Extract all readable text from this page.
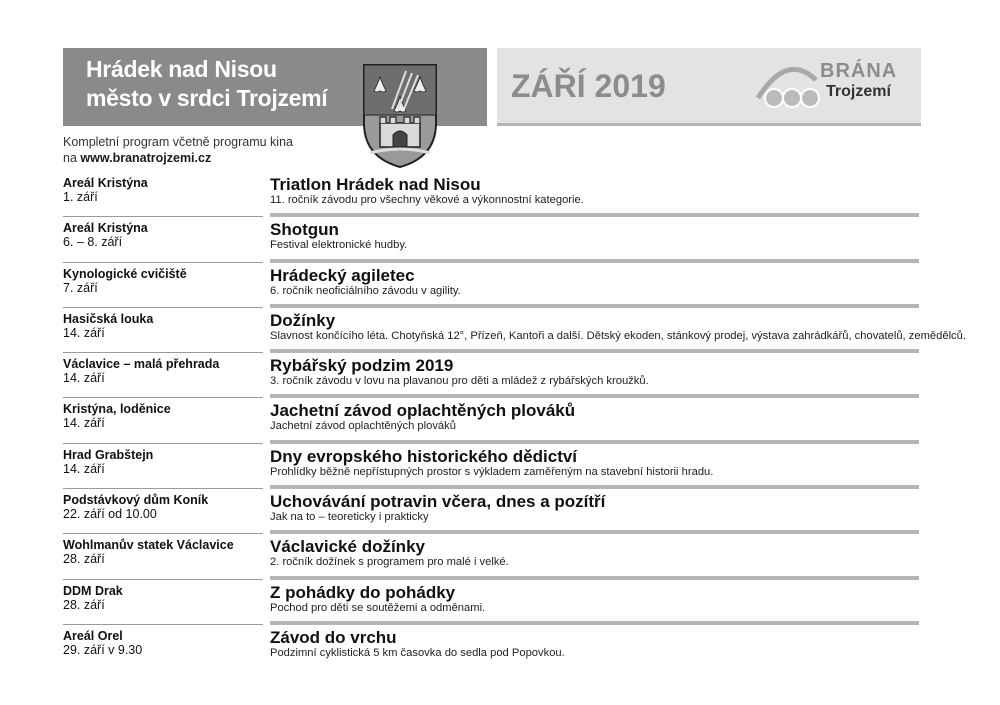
Hrádek nad Nisou
město v srdci Trojzemí	ZÁŘÍ 2019	BRÁNA
Trojzemí
Kompletní program včetně programu kina
na www.branatrojzemi.cz
Areál Kristýna
1. září
Triatlon Hrádek nad Nisou
11. ročník závodu pro všechny věkové a výkonnostní kategorie.
Areál Kristýna
6. – 8. září
Shotgun
Festival elektronické hudby.
Kynologické cvičiště
7. září
Hrádecký agiletec
6. ročník neoficiálního závodu v agility.
Hasičská louka
14. září
Dožínky
Slavnost končícího léta. Chotyňská 12°, Přízeň, Kantoři a další. Dětský ekoden, stánkový prodej, výstava zahrádkářů, chovatelů, zemědělců.
Václavice – malá přehrada
14. září
Rybářský podzim 2019
3. ročník závodu v lovu na plavanou pro děti a mládež z rybářských kroužků.
Kristýna, loděnice
14. září
Jachetní závod oplachtěných plováků
Jachetní závod oplachtěných plováků
Hrad Grabštejn
14. září
Dny evropského historického dědictví
Prohlídky běžně nepřístupných prostor s výkladem zaměřeným na stavební historii hradu.
Podstávkový dům Koník
22. září od 10.00
Uchovávání potravin včera, dnes a pozítří
Jak na to – teoreticky i prakticky
Wohlmanův statek Václavice
28. září
Václavické dožínky
2. ročník dožínek s programem pro malé i velké.
DDM Drak
28. září
Z pohádky do pohádky
Pochod pro děti se soutěžemi a odměnami.
Areál Orel
29. září v 9.30
Závod do vrchu
Podzimní cyklistická 5 km časovka do sedla pod Popovkou.
